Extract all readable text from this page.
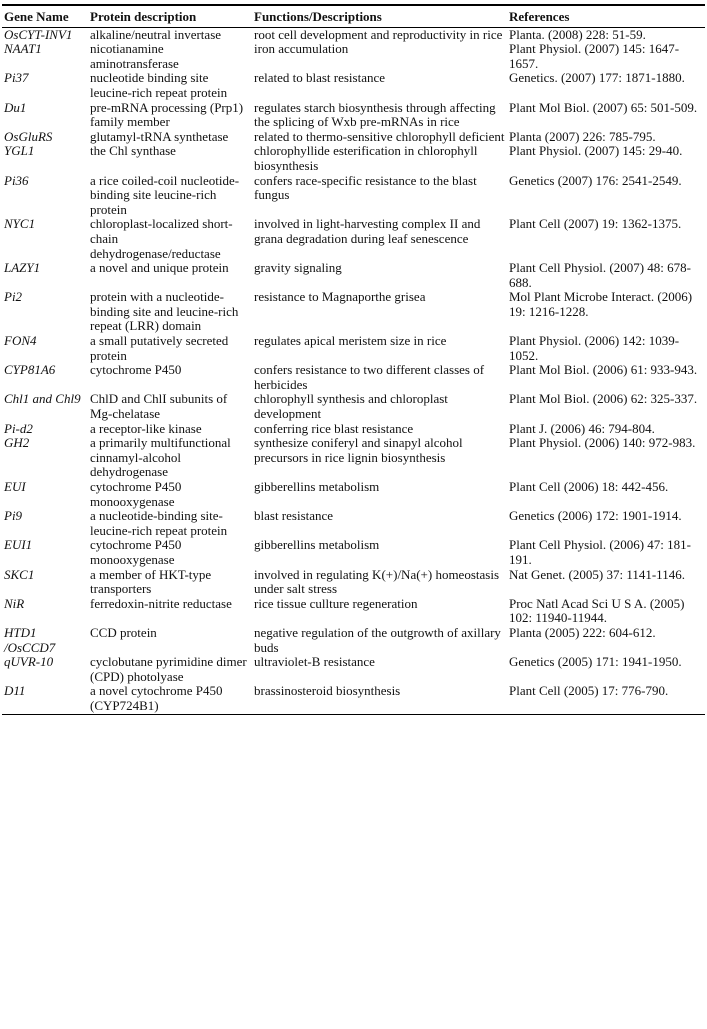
Gene Name	Protein description	Functions/Descriptions	References
OsCYT-INV1	alkaline/neutral invertase	root cell development and reproductivity in rice	Planta. (2008) 228: 51-59.
NAAT1	nicotianamine aminotransferase	iron accumulation	Plant Physiol. (2007) 145: 1647-1657.
Pi37	nucleotide binding site leucine-rich repeat protein	related to blast resistance	Genetics. (2007) 177: 1871-1880.
Du1	pre-mRNA processing (Prp1) family member	regulates starch biosynthesis through affecting the splicing of Wxb pre-mRNAs in rice	Plant Mol Biol. (2007) 65: 501-509.
OsGluRS	glutamyl-tRNA synthetase	related to thermo-sensitive chlorophyll deficient	Planta (2007) 226: 785-795.
YGL1	the Chl synthase	chlorophyllide esterification in chlorophyll biosynthesis	Plant Physiol. (2007) 145: 29-40.
Pi36	a rice coiled-coil nucleotide-binding site leucine-rich protein	confers race-specific resistance to the blast fungus	Genetics (2007) 176: 2541-2549.
NYC1	chloroplast-localized short-chain dehydrogenase/reductase	involved in light-harvesting complex II and grana degradation during leaf senescence	Plant Cell (2007) 19: 1362-1375.
LAZY1	a novel and unique protein	gravity signaling	Plant Cell Physiol. (2007) 48: 678-688.
Pi2	protein with a nucleotide-binding site and leucine-rich repeat (LRR) domain	resistance to Magnaporthe grisea	Mol Plant Microbe Interact. (2006) 19: 1216-1228.
FON4	a small putatively secreted protein	regulates apical meristem size in rice	Plant Physiol. (2006) 142: 1039-1052.
CYP81A6	cytochrome P450	confers resistance to two different classes of herbicides	Plant Mol Biol. (2006) 61: 933-943.
Chl1 and Chl9	ChlD and ChlI subunits of Mg-chelatase	chlorophyll synthesis and chloroplast development	Plant Mol Biol. (2006) 62: 325-337.
Pi-d2	a receptor-like kinase	conferring rice blast resistance	Plant J. (2006) 46: 794-804.
GH2	a primarily multifunctional cinnamyl-alcohol dehydrogenase	synthesize coniferyl and sinapyl alcohol precursors in rice lignin biosynthesis	Plant Physiol. (2006) 140: 972-983.
EUI	cytochrome P450 monooxygenase	gibberellins metabolism	Plant Cell (2006) 18: 442-456.
Pi9	a nucleotide-binding site-leucine-rich repeat protein	blast resistance	Genetics (2006) 172: 1901-1914.
EUI1	cytochrome P450 monooxygenase	gibberellins metabolism	Plant Cell Physiol. (2006) 47: 181-191.
SKC1	a member of HKT-type transporters	involved in regulating K(+)/Na(+) homeostasis under salt stress	Nat Genet. (2005) 37: 1141-1146.
NiR	ferredoxin-nitrite reductase	rice tissue cullture regeneration	Proc Natl Acad Sci U S A. (2005) 102: 11940-11944.
HTD1 /OsCCD7	CCD protein	negative regulation of the outgrowth of axillary buds	Planta (2005) 222: 604-612.
qUVR-10	cyclobutane pyrimidine dimer (CPD) photolyase	ultraviolet-B resistance	Genetics (2005) 171: 1941-1950.
D11	a novel cytochrome P450 (CYP724B1)	brassinosteroid biosynthesis	Plant Cell (2005) 17: 776-790.
